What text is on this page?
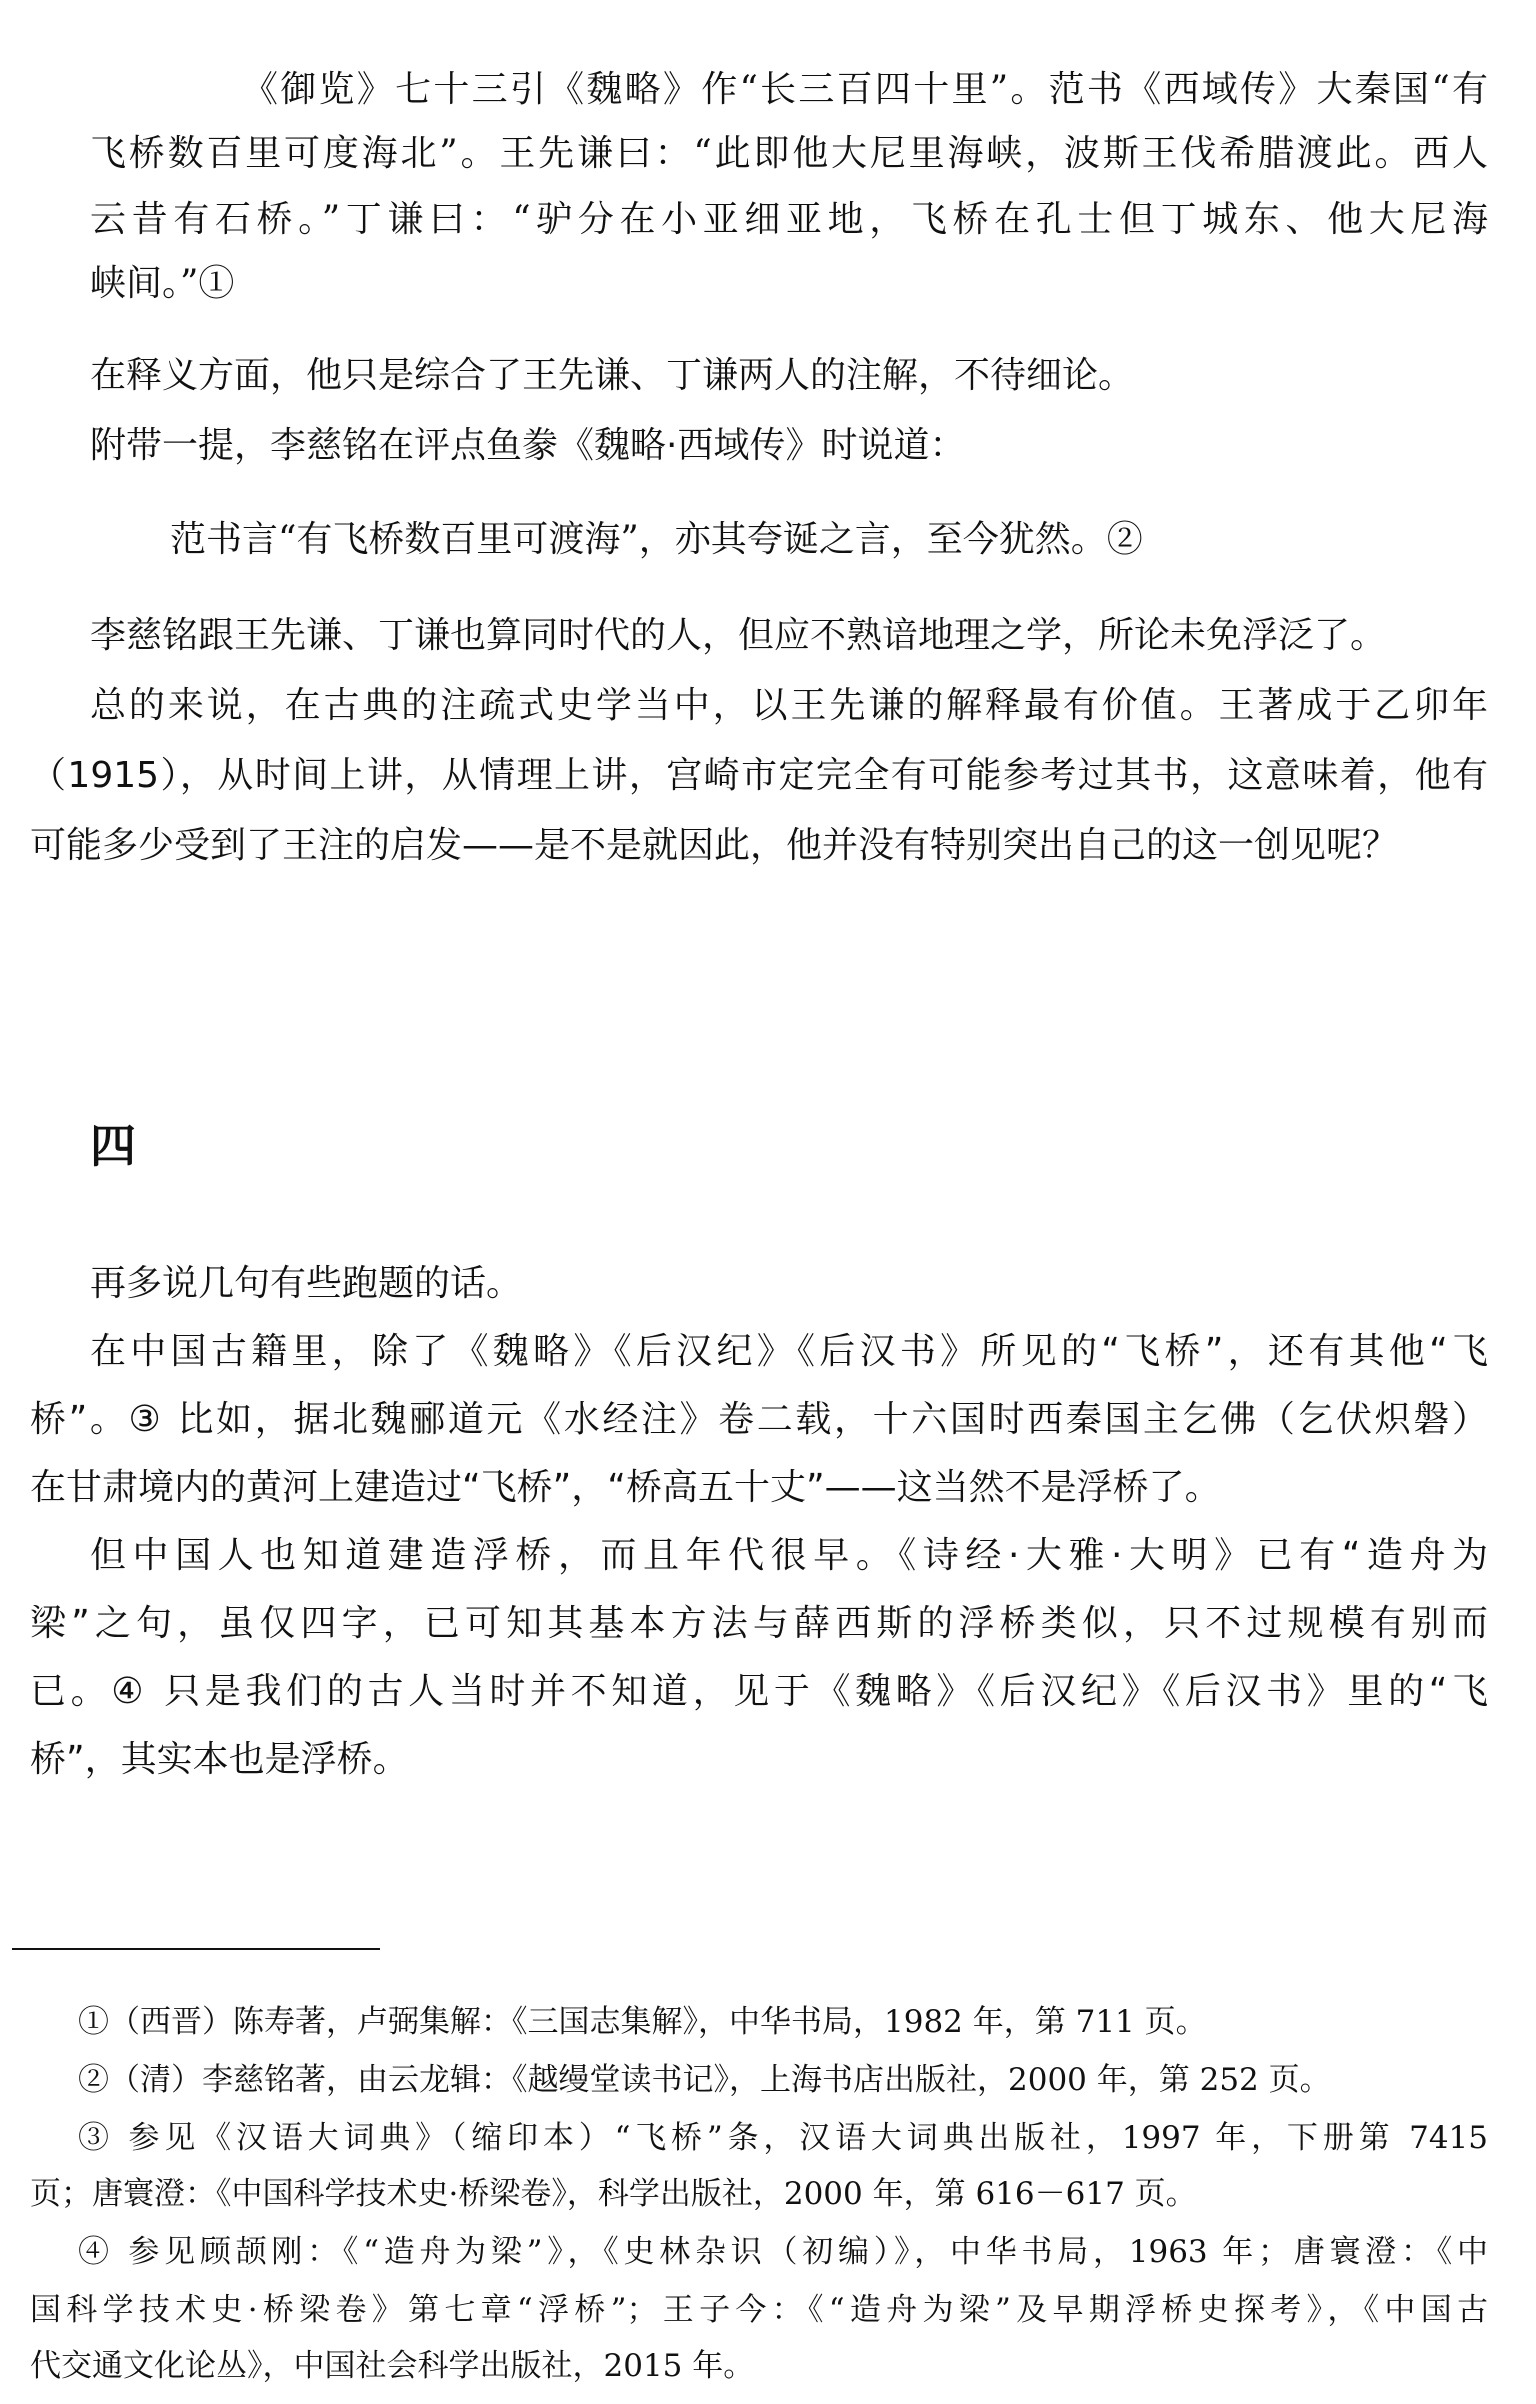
《御览》七十三引《魏略》作“长三百四十里”。范书《西域传》大秦国“有
飞桥数百里可度海北”。王先谦曰：“此即他大尼里海峡，波斯王伐希腊渡此。西人
云昔有石桥。”丁谦曰：“驴分在小亚细亚地，飞桥在孔士但丁城东、他大尼海
峡间。”①
在释义方面，他只是综合了王先谦、丁谦两人的注解，不待细论。
附带一提，李慈铭在评点鱼豢《魏略·西域传》时说道：
范书言“有飞桥数百里可渡海”，亦其夸诞之言，至今犹然。②
李慈铭跟王先谦、丁谦也算同时代的人，但应不熟谙地理之学，所论未免浮泛了。
总的来说，在古典的注疏式史学当中，以王先谦的解释最有价值。王著成于乙卯年
（1915），从时间上讲，从情理上讲，宫崎市定完全有可能参考过其书，这意味着，他有
可能多少受到了王注的启发——是不是就因此，他并没有特别突出自己的这一创见呢？
四
再多说几句有些跑题的话。
在中国古籍里，除了《魏略》《后汉纪》《后汉书》所见的“飞桥”，还有其他“飞
桥”。③ 比如，据北魏郦道元《水经注》卷二载，十六国时西秦国主乞佛（乞伏炽磐）
在甘肃境内的黄河上建造过“飞桥”，“桥高五十丈”——这当然不是浮桥了。
但中国人也知道建造浮桥，而且年代很早。《诗经·大雅·大明》已有“造舟为
梁”之句，虽仅四字，已可知其基本方法与薛西斯的浮桥类似，只不过规模有别而
已。④ 只是我们的古人当时并不知道，见于《魏略》《后汉纪》《后汉书》里的“飞
桥”，其实本也是浮桥。
①（西晋）陈寿著，卢弼集解：《三国志集解》，中华书局，1982 年，第 711 页。
②（清）李慈铭著，由云龙辑：《越缦堂读书记》，上海书店出版社，2000 年，第 252 页。
③ 参见《汉语大词典》（缩印本）“飞桥”条，汉语大词典出版社，1997 年，下册第 7415
页；唐寰澄：《中国科学技术史·桥梁卷》，科学出版社，2000 年，第 616－617 页。
④ 参见顾颉刚：《“造舟为梁”》，《史林杂识（初编）》，中华书局，1963 年；唐寰澄：《中
国科学技术史·桥梁卷》第七章“浮桥”；王子今：《“造舟为梁”及早期浮桥史探考》，《中国古
代交通文化论丛》，中国社会科学出版社，2015 年。
